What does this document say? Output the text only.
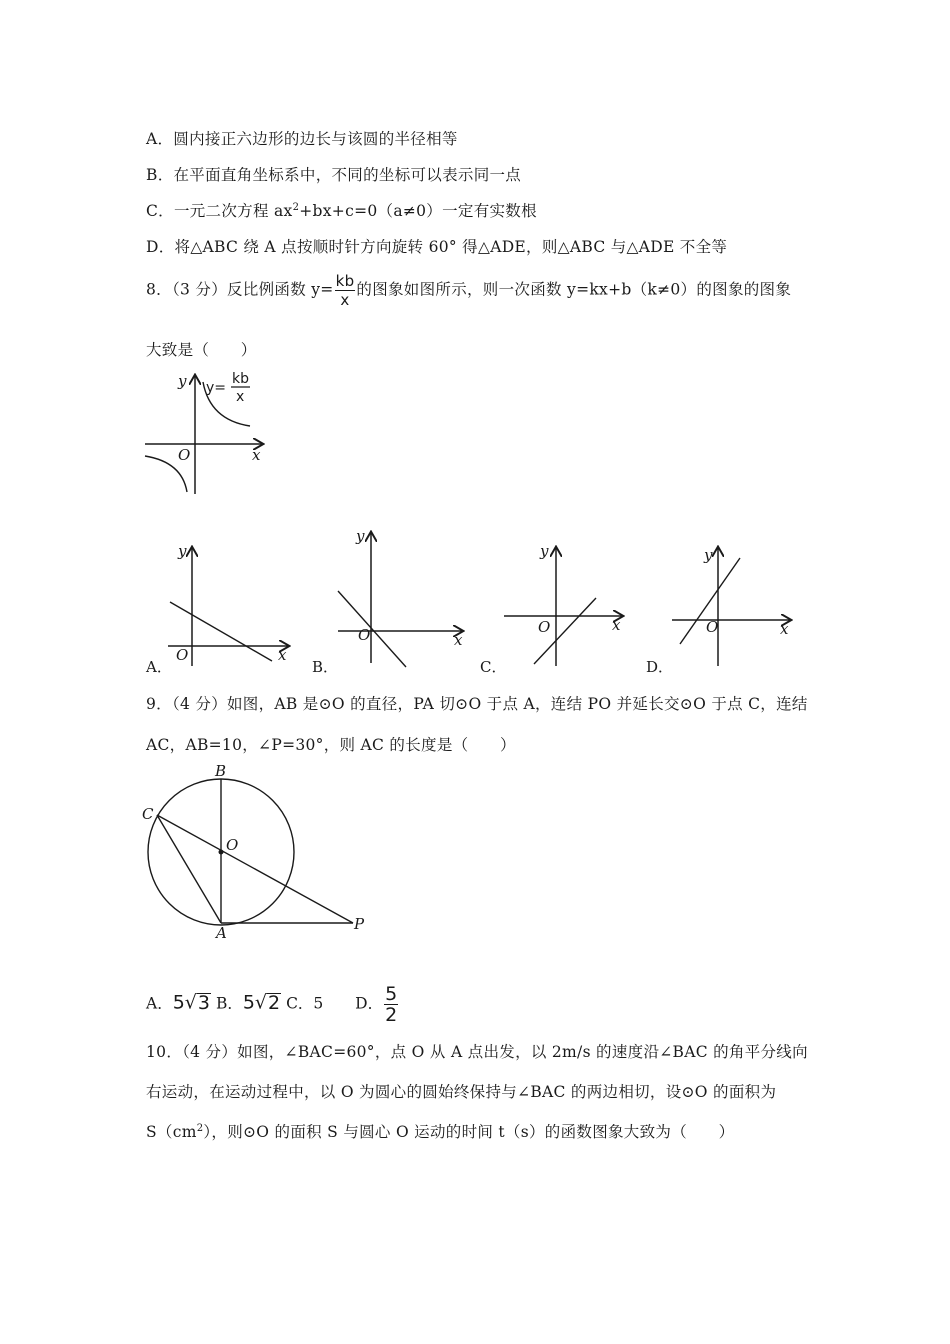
A．圆内接正六边形的边长与该圆的半径相等
B．在平面直角坐标系中，不同的坐标可以表示同一点
C．一元二次方程 $ax^2+bx+c=0(a\ne 0)$一定有实数根
D．将△ABC 绕 A 点按顺时针方向旋转 60° 得△ADE，则△ABC 与△ADE 不全等
8．（3 分）反比例函数 $y= \frac{kb}{x}$ 的图象如图所示，则一次函数 y=kx+b（k≠0）的图象的图象
大致是（　　）
y
x
O
y=
kb
x
y
x
O
A．
y
x
O
B．
y
x
O
C．
y
x
O
D．
9．（4 分）如图，AB 是⊙O 的直径，PA 切⊙O 于点 A，连结 PO 并延长交⊙O 于点 C，连结
AC，AB=10，∠P=30°，则 AC 的长度是（　　）
B
C
O
A	P
A．5√3 B．5√2 C．5 D． $\frac{5}{2}$
10．（4 分）如图，∠BAC=60°，点 O 从 A 点出发，以 2m/s 的速度沿∠BAC 的角平分线向
右运动，在运动过程中，以 O 为圆心的圆始终保持与∠BAC 的两边相切，设⊙O 的面积为
$S(cm^2)$，则⊙O 的面积 S 与圆心 O 运动的时间 t（s）的函数图象大致为（　　）
